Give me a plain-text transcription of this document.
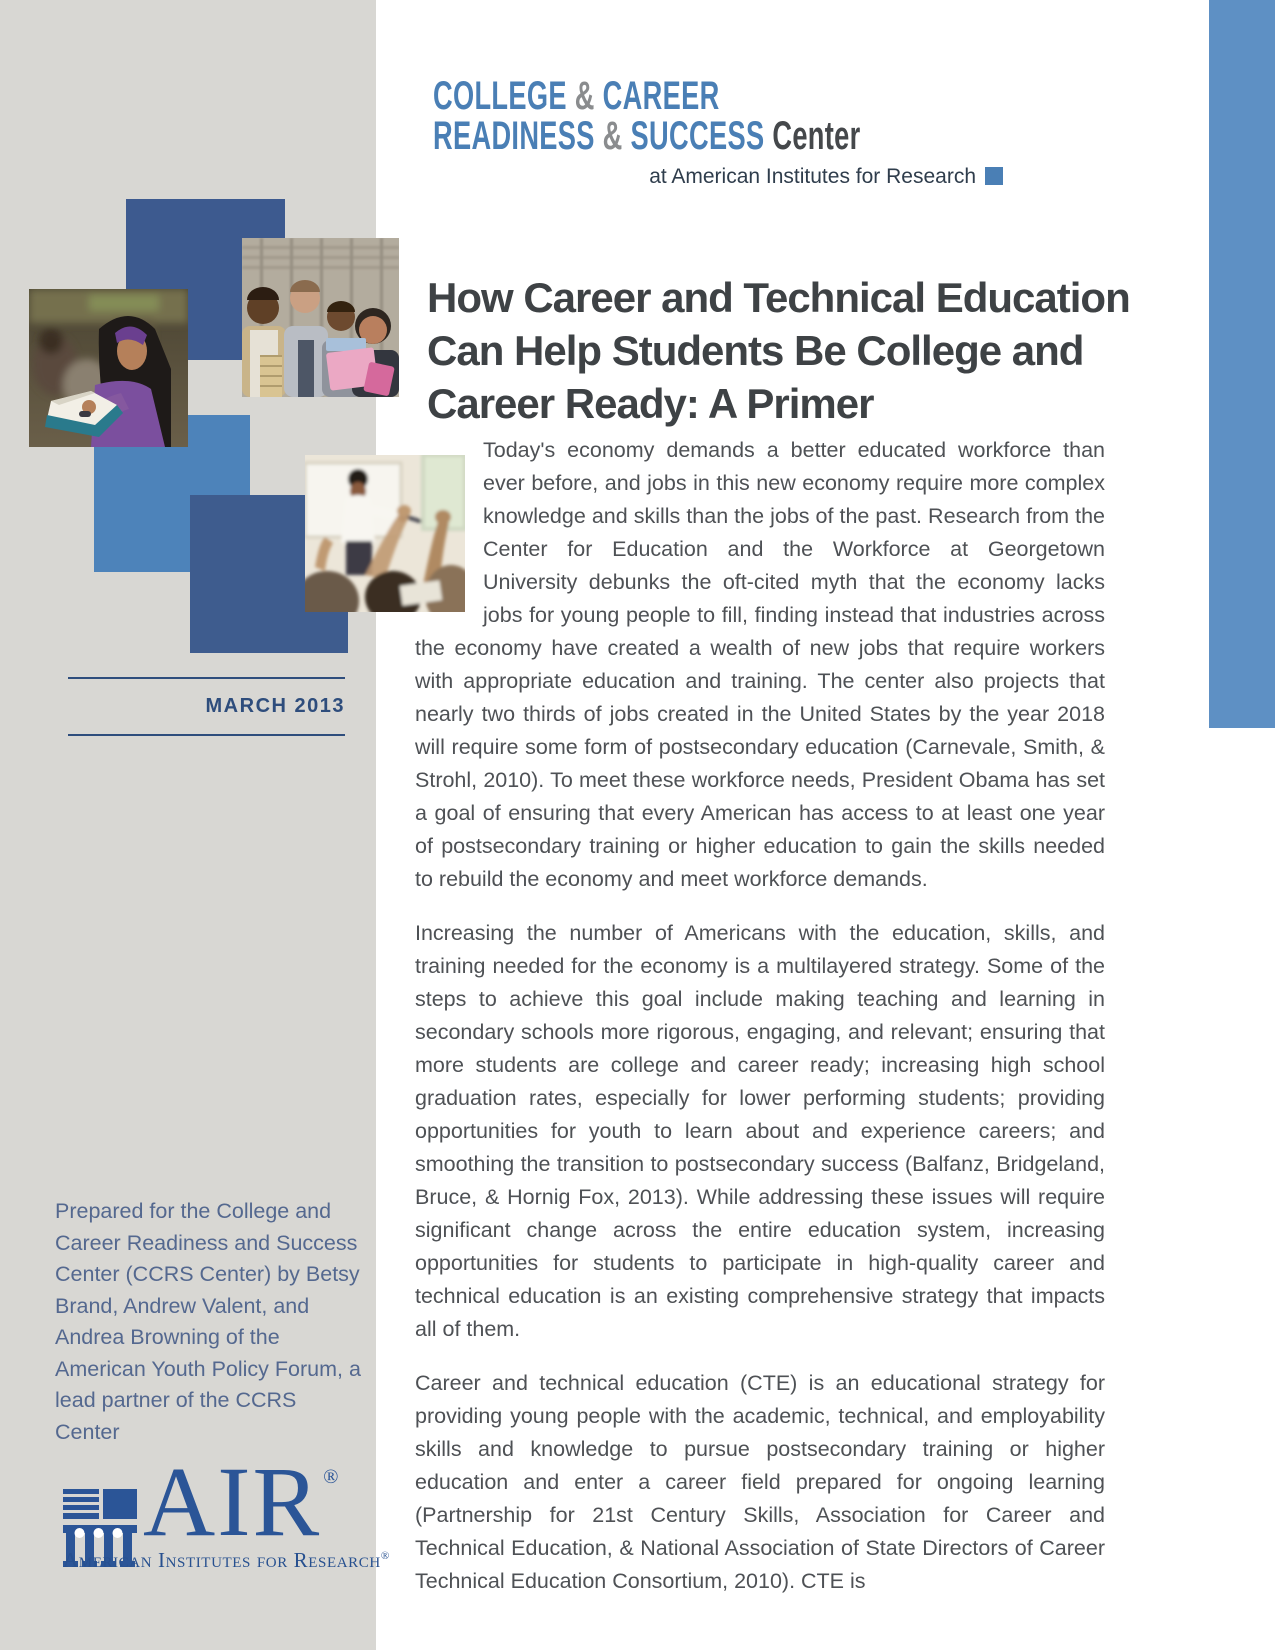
COLLEGE & CAREER
READINESS & SUCCESS Center
at American Institutes for Research
How Career and Technical Education Can Help Students Be College and Career Ready: A Primer

Today's economy demands a better educated workforce than ever before, and jobs in this new economy require more complex knowledge and skills than the jobs of the past. Research from the Center for Education and the Workforce at Georgetown University debunks the oft-cited myth that the economy lacks jobs for young people to fill, finding instead that industries across the economy have created a wealth of new jobs that require workers with appropriate education and training. The center also projects that nearly two thirds of jobs created in the United States by the year 2018 will require some form of postsecondary education (Carnevale, Smith, & Strohl, 2010). To meet these workforce needs, President Obama has set a goal of ensuring that every American has access to at least one year of postsecondary training or higher education to gain the skills needed to rebuild the economy and meet workforce demands.

Increasing the number of Americans with the education, skills, and training needed for the economy is a multilayered strategy. Some of the steps to achieve this goal include making teaching and learning in secondary schools more rigorous, engaging, and relevant; ensuring that more students are college and career ready; increasing high school graduation rates, especially for lower performing students; providing opportunities for youth to learn about and experience careers; and smoothing the transition to postsecondary success (Balfanz, Bridgeland, Bruce, & Hornig Fox, 2013). While addressing these issues will require significant change across the entire education system, increasing opportunities for students to participate in high-quality career and technical education is an existing comprehensive strategy that impacts all of them.

Career and technical education (CTE) is an educational strategy for providing young people with the academic, technical, and employability skills and knowledge to pursue postsecondary training or higher education and enter a career field prepared for ongoing learning (Partnership for 21st Century Skills, Association for Career and Technical Education, & National Association of State Directors of Career Technical Education Consortium, 2010). CTE is

MARCH 2013
Prepared for the College and Career Readiness and Success Center (CCRS Center) by Betsy Brand, Andrew Valent, and Andrea Browning of the American Youth Policy Forum, a lead partner of the CCRS Center
AIR ®
American Institutes for Research®
